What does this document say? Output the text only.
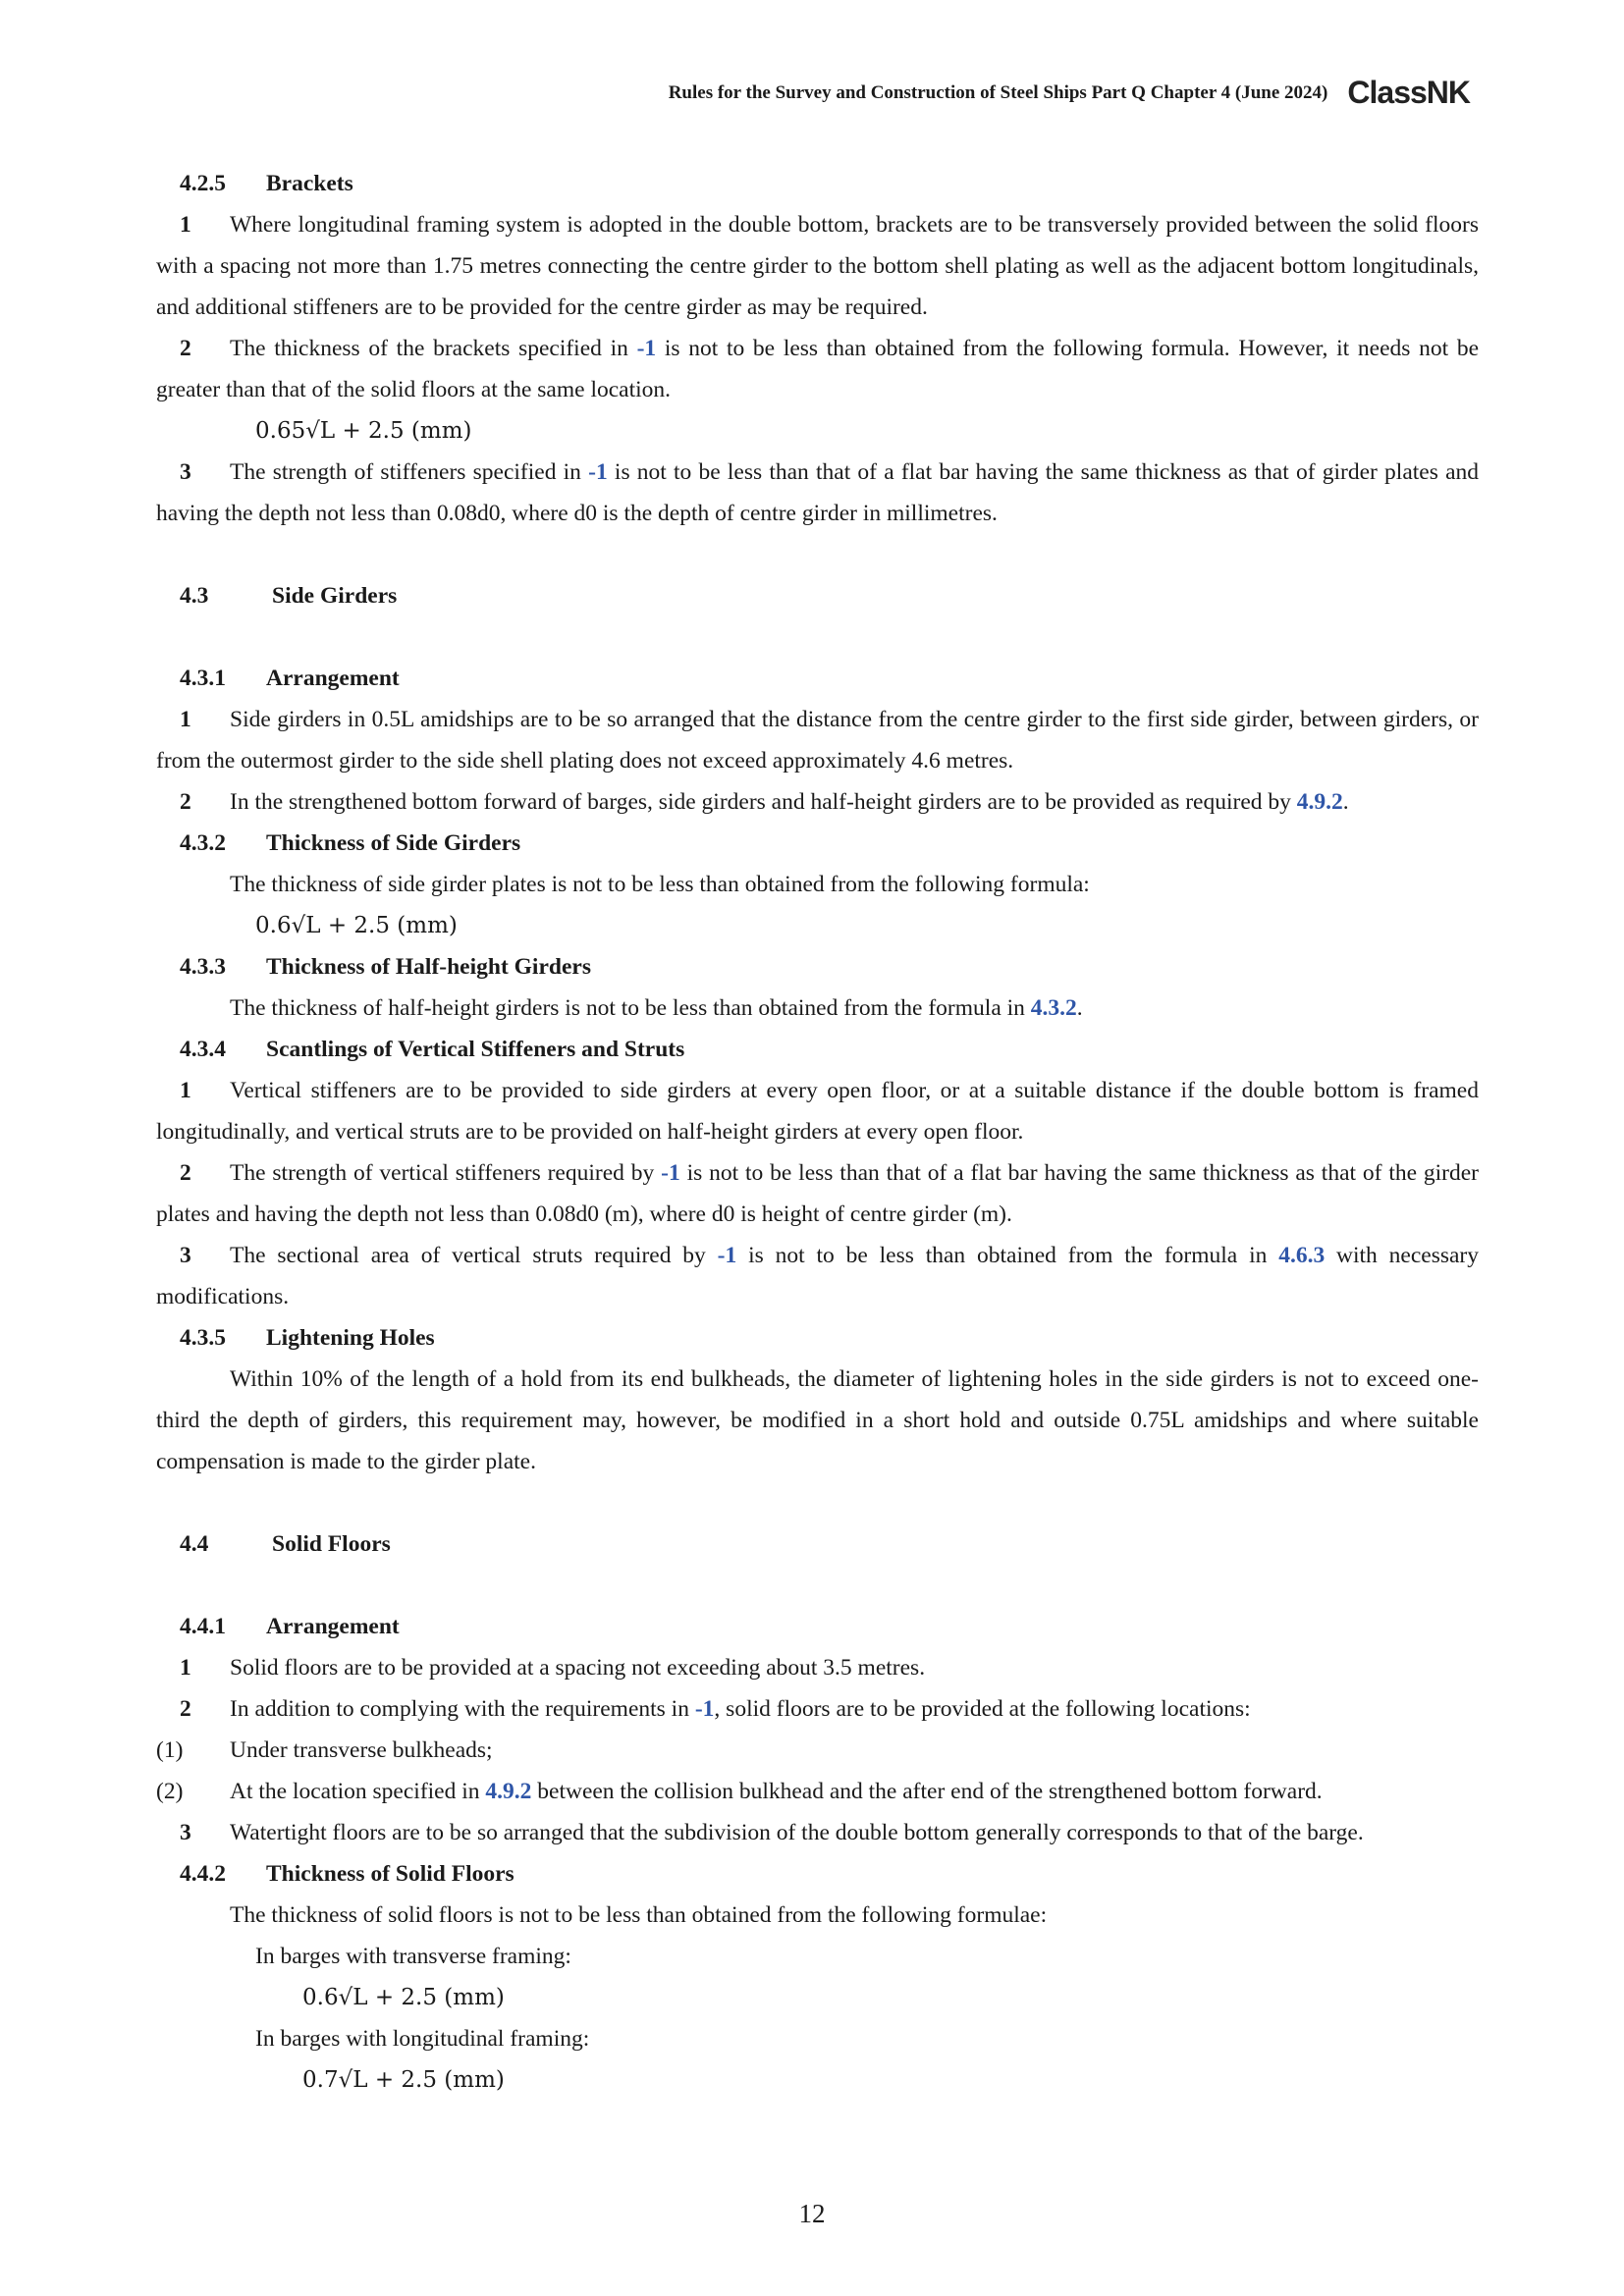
Rules for the Survey and Construction of Steel Ships Part Q Chapter 4 (June 2024) ClassNK
4.2.5 Brackets
1 Where longitudinal framing system is adopted in the double bottom, brackets are to be transversely provided between the solid floors with a spacing not more than 1.75 metres connecting the centre girder to the bottom shell plating as well as the adjacent bottom longitudinals, and additional stiffeners are to be provided for the centre girder as may be required.
2 The thickness of the brackets specified in -1 is not to be less than obtained from the following formula. However, it needs not be greater than that of the solid floors at the same location.
0.65√L + 2.5 (mm)
3 The strength of stiffeners specified in -1 is not to be less than that of a flat bar having the same thickness as that of girder plates and having the depth not less than 0.08d0, where d0 is the depth of centre girder in millimetres.
4.3	Side Girders
4.3.1 Arrangement
1 Side girders in 0.5L amidships are to be so arranged that the distance from the centre girder to the first side girder, between girders, or from the outermost girder to the side shell plating does not exceed approximately 4.6 metres.
2 In the strengthened bottom forward of barges, side girders and half-height girders are to be provided as required by 4.9.2.
4.3.2 Thickness of Side Girders
The thickness of side girder plates is not to be less than obtained from the following formula:
0.6√L + 2.5 (mm)
4.3.3 Thickness of Half-height Girders
The thickness of half-height girders is not to be less than obtained from the formula in 4.3.2.
4.3.4 Scantlings of Vertical Stiffeners and Struts
1 Vertical stiffeners are to be provided to side girders at every open floor, or at a suitable distance if the double bottom is framed longitudinally, and vertical struts are to be provided on half-height girders at every open floor.
2 The strength of vertical stiffeners required by -1 is not to be less than that of a flat bar having the same thickness as that of the girder plates and having the depth not less than 0.08d0 (m), where d0 is height of centre girder (m).
3 The sectional area of vertical struts required by -1 is not to be less than obtained from the formula in 4.6.3 with necessary modifications.
4.3.5 Lightening Holes
Within 10% of the length of a hold from its end bulkheads, the diameter of lightening holes in the side girders is not to exceed one-third the depth of girders, this requirement may, however, be modified in a short hold and outside 0.75L amidships and where suitable compensation is made to the girder plate.
4.4	Solid Floors
4.4.1 Arrangement
1 Solid floors are to be provided at a spacing not exceeding about 3.5 metres.
2 In addition to complying with the requirements in -1, solid floors are to be provided at the following locations:
(1)	Under transverse bulkheads;
(2)	At the location specified in 4.9.2 between the collision bulkhead and the after end of the strengthened bottom forward.
3 Watertight floors are to be so arranged that the subdivision of the double bottom generally corresponds to that of the barge.
4.4.2 Thickness of Solid Floors
The thickness of solid floors is not to be less than obtained from the following formulae:
In barges with transverse framing:
0.6√L + 2.5 (mm)
In barges with longitudinal framing:
0.7√L + 2.5 (mm)
12
